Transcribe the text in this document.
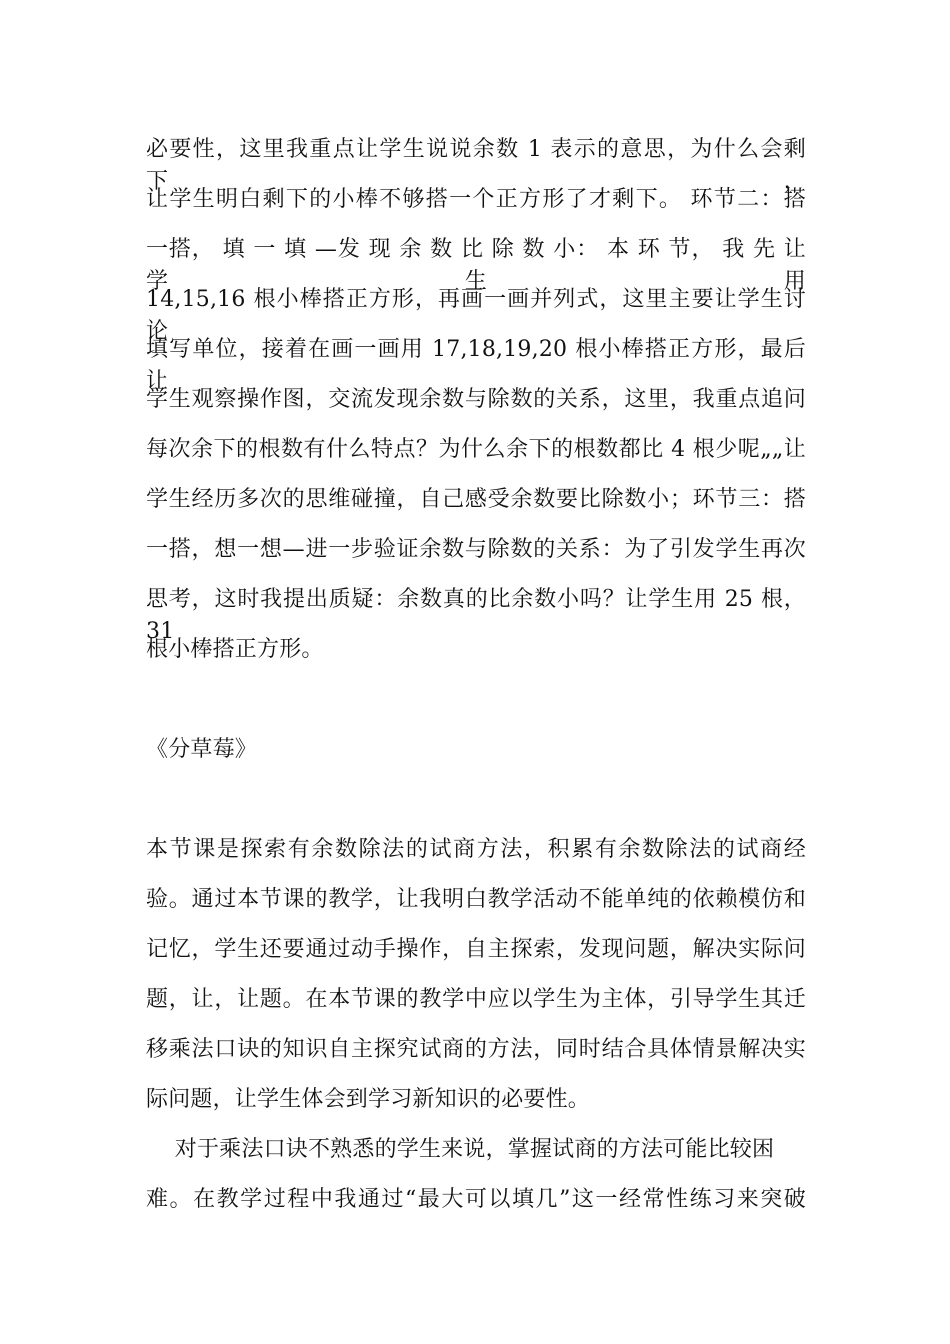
必要性，这里我重点让学生说说余数 1 表示的意思，为什么会剩下，
让学生明白剩下的小棒不够搭一个正方形了才剩下。 环节二：搭
一搭， 填 一 填 —发 现 余 数 比 除 数 小： 本 环 节， 我 先 让 学 生 用
14,15,16 根小棒搭正方形，再画一画并列式，这里主要让学生讨论
填写单位，接着在画一画用 17,18,19,20 根小棒搭正方形，最后让
学生观察操作图，交流发现余数与除数的关系，这里，我重点追问
每次余下的根数有什么特点？为什么余下的根数都比 4 根少呢„„让
学生经历多次的思维碰撞，自己感受余数要比除数小；环节三：搭
一搭，想一想—进一步验证余数与除数的关系：为了引发学生再次
思考，这时我提出质疑：余数真的比余数小吗？让学生用 25 根，31
根小棒搭正方形。
《分草莓》
本节课是探索有余数除法的试商方法，积累有余数除法的试商经
验。通过本节课的教学，让我明白教学活动不能单纯的依赖模仿和
记忆，学生还要通过动手操作，自主探索，发现问题，解决实际问
题，让，让题。在本节课的教学中应以学生为主体，引导学生其迁
移乘法口诀的知识自主探究试商的方法，同时结合具体情景解决实
际问题，让学生体会到学习新知识的必要性。
对于乘法口诀不熟悉的学生来说，掌握试商的方法可能比较困
难。在教学过程中我通过“最大可以填几”这一经常性练习来突破
